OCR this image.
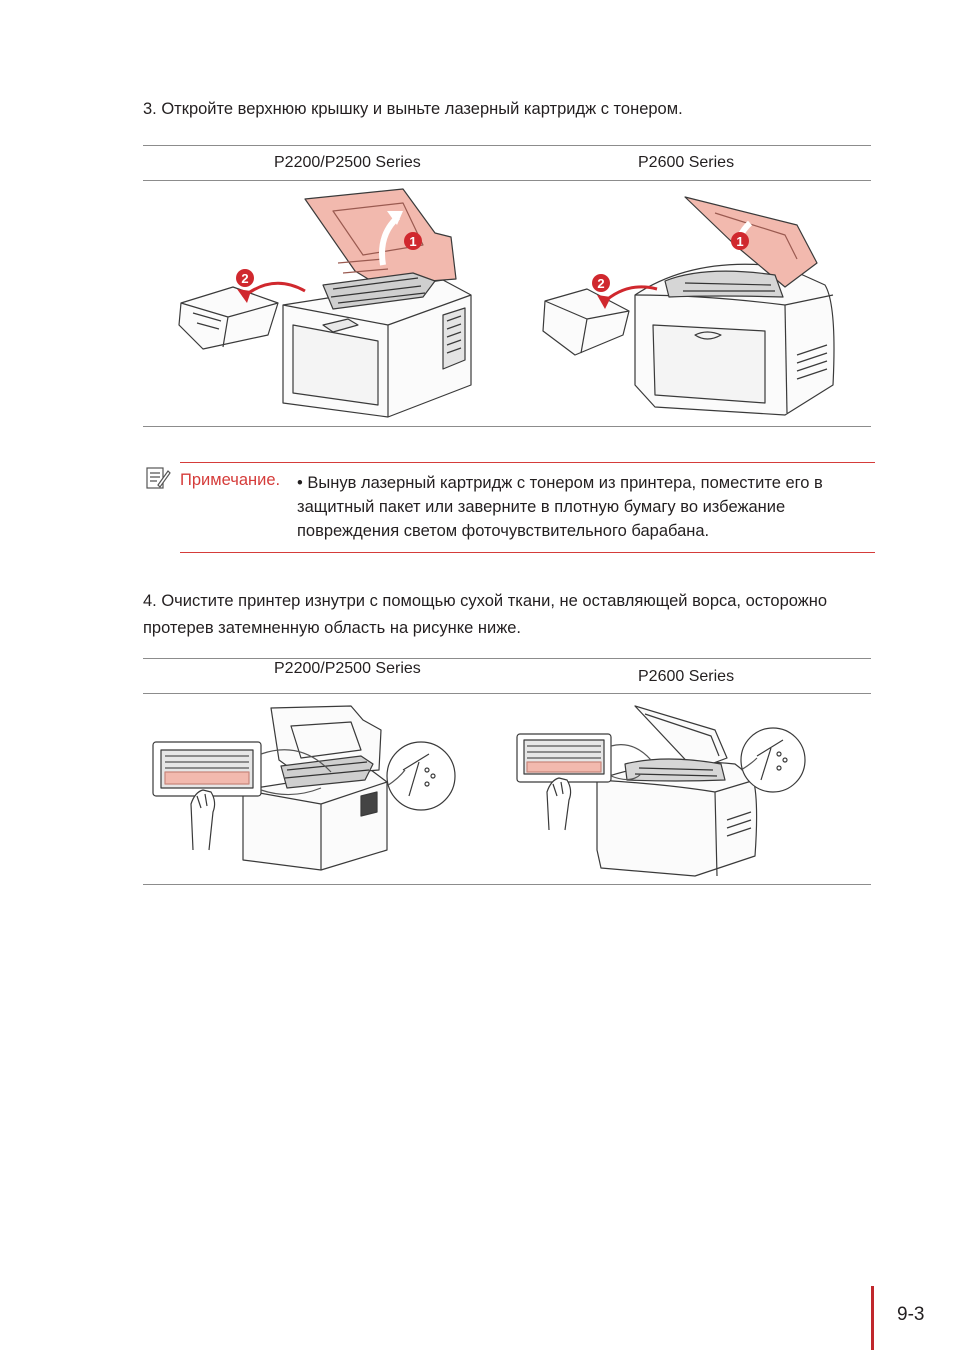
3. Откройте верхнюю крышку и выньте лазерный картридж с тонером.
P2200/P2500 Series	P2600 Series
1
2
1
2
Примечание. • Вынув лазерный картридж с тонером из принтера, поместите его в защитный пакет или заверните в плотную бумагу во избежание повреждения светом фоточувствительного барабана.
4. Очистите принтер изнутри с помощью сухой ткани, не оставляющей ворса, осторожно протерев затемненную область на рисунке ниже.
P2200/P2500 Series	P2600 Series
9-3
